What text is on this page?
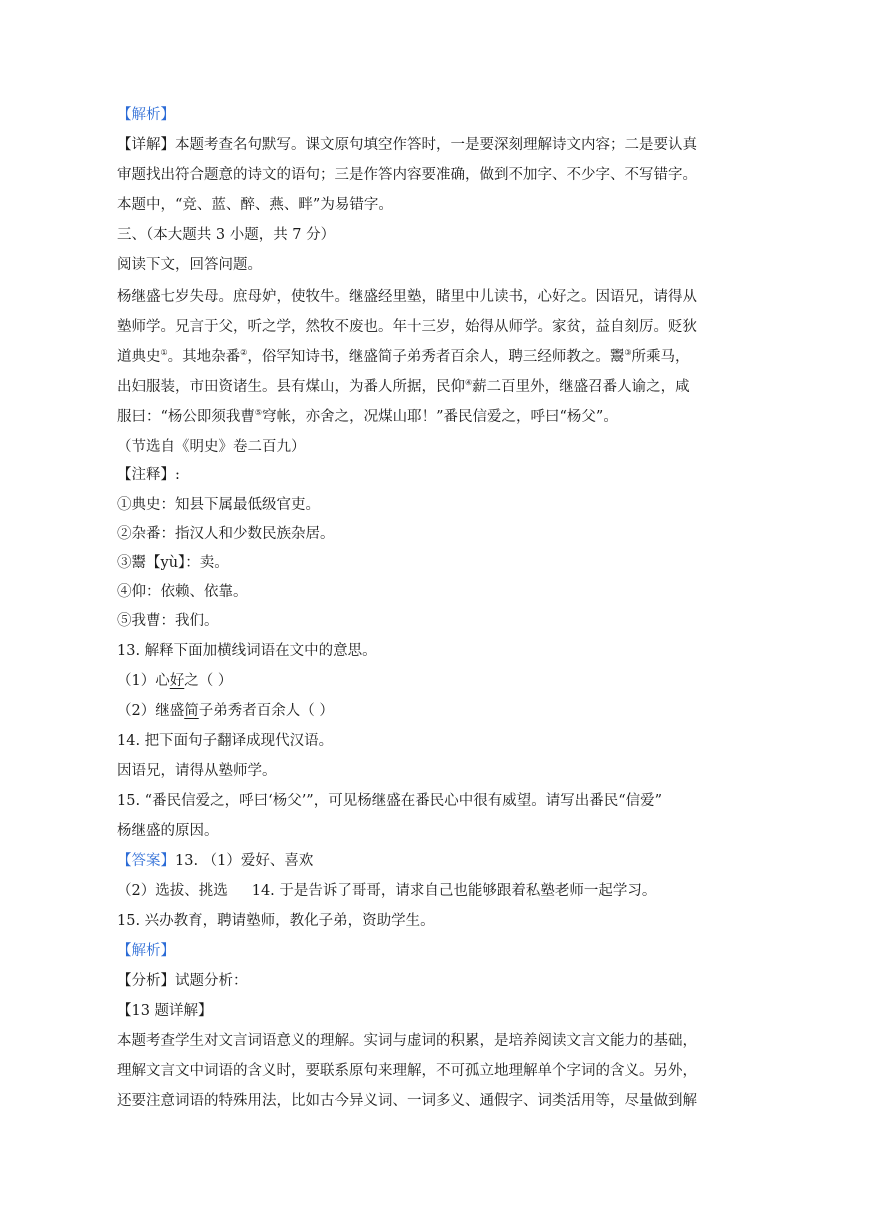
【解析】
【详解】本题考查名句默写。课文原句填空作答时，一是要深刻理解诗文内容；二是要认真
审题找出符合题意的诗文的语句；三是作答内容要准确，做到不加字、不少字、不写错字。
本题中，“竞、蓝、醉、燕、畔”为易错字。
三、（本大题共 3 小题，共 7 分）
阅读下文，回答问题。
杨继盛七岁失母。庶母妒，使牧牛。继盛经里塾，睹里中儿读书，心好之。因语兄，请得从
塾师学。兄言于父，听之学，然牧不废也。年十三岁，始得从师学。家贫，益自刻厉。贬狄
道典史①。其地杂番②，俗罕知诗书，继盛简子弟秀者百余人，聘三经师教之。鬻③所乘马，
出妇服装，市田资诸生。县有煤山，为番人所据，民仰④薪二百里外，继盛召番人谕之，咸
服曰：“杨公即须我曹⑤穹帐，亦舍之，况煤山耶！”番民信爱之，呼曰“杨父”。
（节选自《明史》卷二百九）
【注释】:
①典史：知县下属最低级官吏。
②杂番：指汉人和少数民族杂居。
③鬻【yù】：卖。
④仰：依赖、依靠。
⑤我曹：我们。
13. 解释下面加横线词语在文中的意思。
（1）心好之（ ）
（2）继盛简子弟秀者百余人（ ）
14. 把下面句子翻译成现代汉语。
因语兄，请得从塾师学。
15. “番民信爱之，呼曰‘杨父’”，可见杨继盛在番民心中很有威望。请写出番民“信爱”
杨继盛的原因。
【答案】13. （1）爱好、喜欢
（2）选拔、挑选 14. 于是告诉了哥哥，请求自己也能够跟着私塾老师一起学习。
15. 兴办教育，聘请塾师，教化子弟，资助学生。
【解析】
【分析】试题分析：
【13 题详解】
本题考查学生对文言词语意义的理解。实词与虚词的积累，是培养阅读文言文能力的基础，
理解文言文中词语的含义时，要联系原句来理解，不可孤立地理解单个字词的含义。另外，
还要注意词语的特殊用法，比如古今异义词、一词多义、通假字、词类活用等，尽量做到解
